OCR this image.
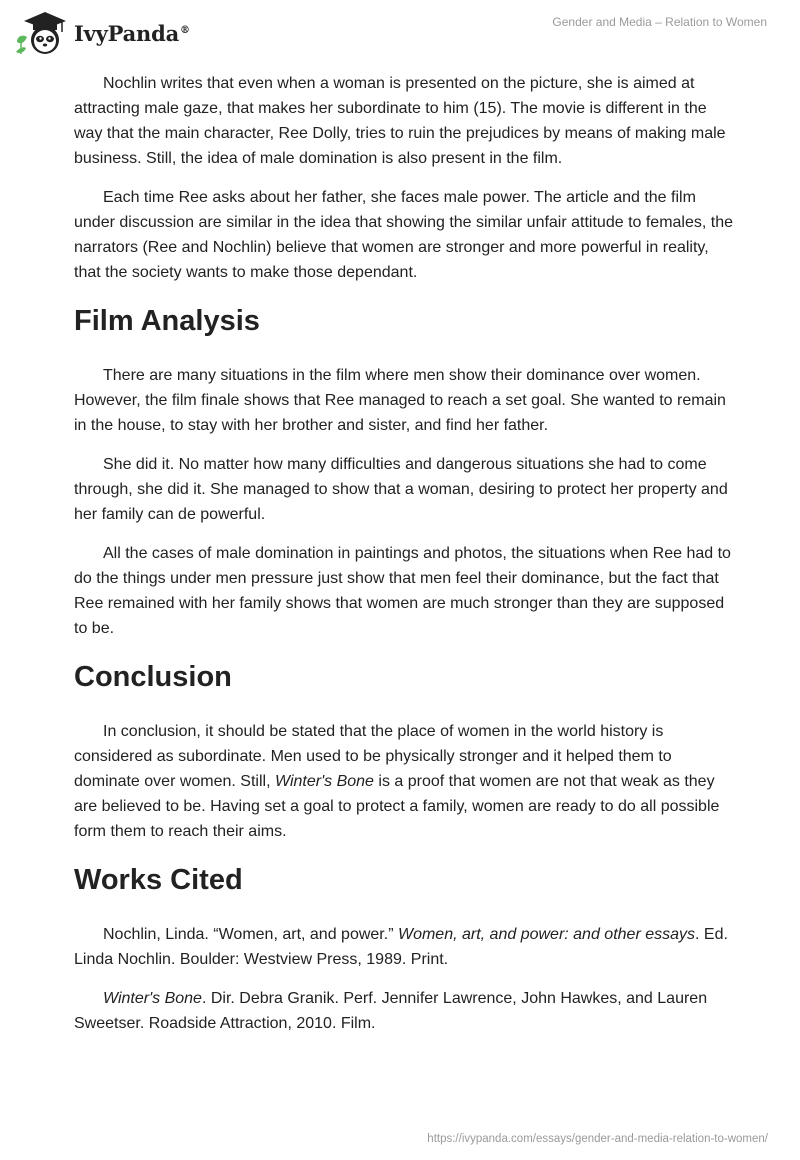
IvyPanda®
Gender and Media – Relation to Women

Nochlin writes that even when a woman is presented on the picture, she is aimed at attracting male gaze, that makes her subordinate to him (15). The movie is different in the way that the main character, Ree Dolly, tries to ruin the prejudices by means of making male business. Still, the idea of male domination is also present in the film.

Each time Ree asks about her father, she faces male power. The article and the film under discussion are similar in the idea that showing the similar unfair attitude to females, the narrators (Ree and Nochlin) believe that women are stronger and more powerful in reality, that the society wants to make those dependant.

Film Analysis

There are many situations in the film where men show their dominance over women. However, the film finale shows that Ree managed to reach a set goal. She wanted to remain in the house, to stay with her brother and sister, and find her father.

She did it. No matter how many difficulties and dangerous situations she had to come through, she did it. She managed to show that a woman, desiring to protect her property and her family can de powerful.

All the cases of male domination in paintings and photos, the situations when Ree had to do the things under men pressure just show that men feel their dominance, but the fact that Ree remained with her family shows that women are much stronger than they are supposed to be.

Conclusion

In conclusion, it should be stated that the place of women in the world history is considered as subordinate. Men used to be physically stronger and it helped them to dominate over women. Still, Winter's Bone is a proof that women are not that weak as they are believed to be. Having set a goal to protect a family, women are ready to do all possible form them to reach their aims.

Works Cited

Nochlin, Linda. “Women, art, and power.” Women, art, and power: and other essays. Ed. Linda Nochlin. Boulder: Westview Press, 1989. Print.

Winter's Bone. Dir. Debra Granik. Perf. Jennifer Lawrence, John Hawkes, and Lauren Sweetser. Roadside Attraction, 2010. Film.

https://ivypanda.com/essays/gender-and-media-relation-to-women/
